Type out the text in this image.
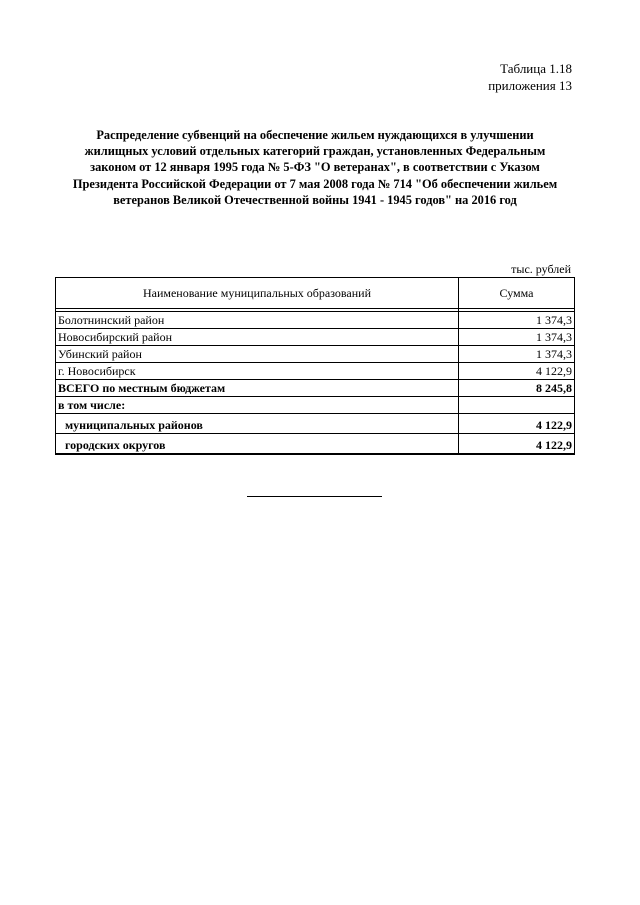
Таблица 1.18
приложения 13
Распределение субвенций на обеспечение жильем нуждающихся в улучшении
жилищных условий отдельных категорий граждан, установленных Федеральным
законом от 12 января 1995 года № 5-ФЗ "О ветеранах", в соответствии с Указом
Президента Российской Федерации от 7 мая 2008 года № 714 "Об обеспечении жильем
ветеранов Великой Отечественной войны 1941 - 1945 годов" на 2016 год
тыс. рублей
Наименование муниципальных образований	Сумма

Болотнинский район	1 374,3
Новосибирский район	1 374,3
Убинский район	1 374,3
г. Новосибирск	4 122,9
ВСЕГО по местным бюджетам	8 245,8
в том числе:	
муниципальных районов	4 122,9
городских округов	4 122,9
